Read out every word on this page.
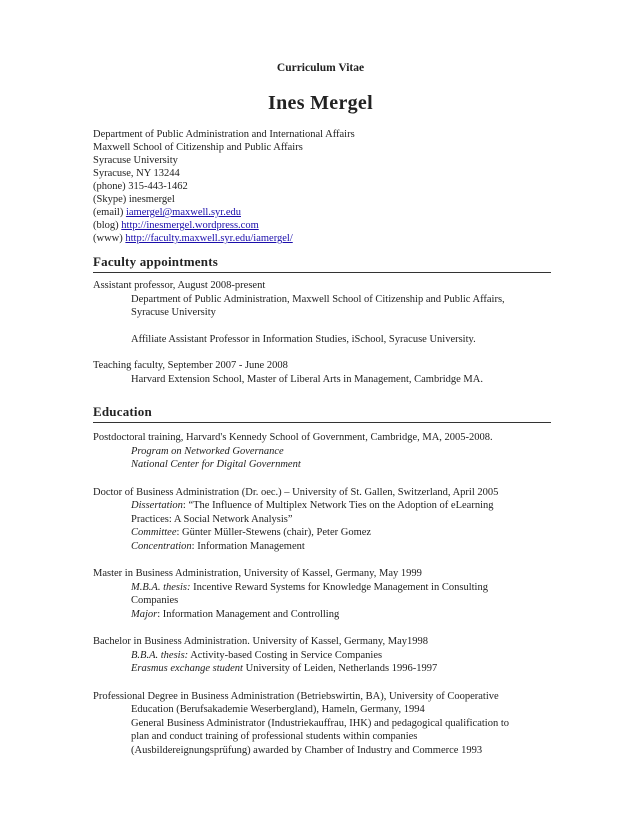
Curriculum Vitae
Ines Mergel
Department of Public Administration and International Affairs
Maxwell School of Citizenship and Public Affairs
Syracuse University
Syracuse, NY 13244
(phone) 315-443-1462
(Skype) inesmergel
(email) iamergel@maxwell.syr.edu
(blog) http://inesmergel.wordpress.com
(www) http://faculty.maxwell.syr.edu/iamergel/
Faculty appointments
Assistant professor, August 2008-present
Department of Public Administration, Maxwell School of Citizenship and Public Affairs,
Syracuse University
Affiliate Assistant Professor in Information Studies, iSchool, Syracuse University.
Teaching faculty, September 2007 - June 2008
Harvard Extension School, Master of Liberal Arts in Management, Cambridge MA.
Education
Postdoctoral training, Harvard's Kennedy School of Government, Cambridge, MA, 2005-2008.
Program on Networked Governance
National Center for Digital Government
Doctor of Business Administration (Dr. oec.) – University of St. Gallen, Switzerland, April 2005
Dissertation: “The Influence of Multiplex Network Ties on the Adoption of eLearning
Practices: A Social Network Analysis”
Committee: Günter Müller-Stewens (chair), Peter Gomez
Concentration: Information Management
Master in Business Administration, University of Kassel, Germany, May 1999
M.B.A. thesis: Incentive Reward Systems for Knowledge Management in Consulting
Companies
Major: Information Management and Controlling
Bachelor in Business Administration. University of Kassel, Germany, May1998
B.B.A. thesis: Activity-based Costing in Service Companies
Erasmus exchange student University of Leiden, Netherlands 1996-1997
Professional Degree in Business Administration (Betriebswirtin, BA), University of Cooperative
Education (Berufsakademie Weserbergland), Hameln, Germany, 1994
General Business Administrator (Industriekauffrau, IHK) and pedagogical qualification to
plan and conduct training of professional students within companies
(Ausbildereignungsprüfung) awarded by Chamber of Industry and Commerce 1993
